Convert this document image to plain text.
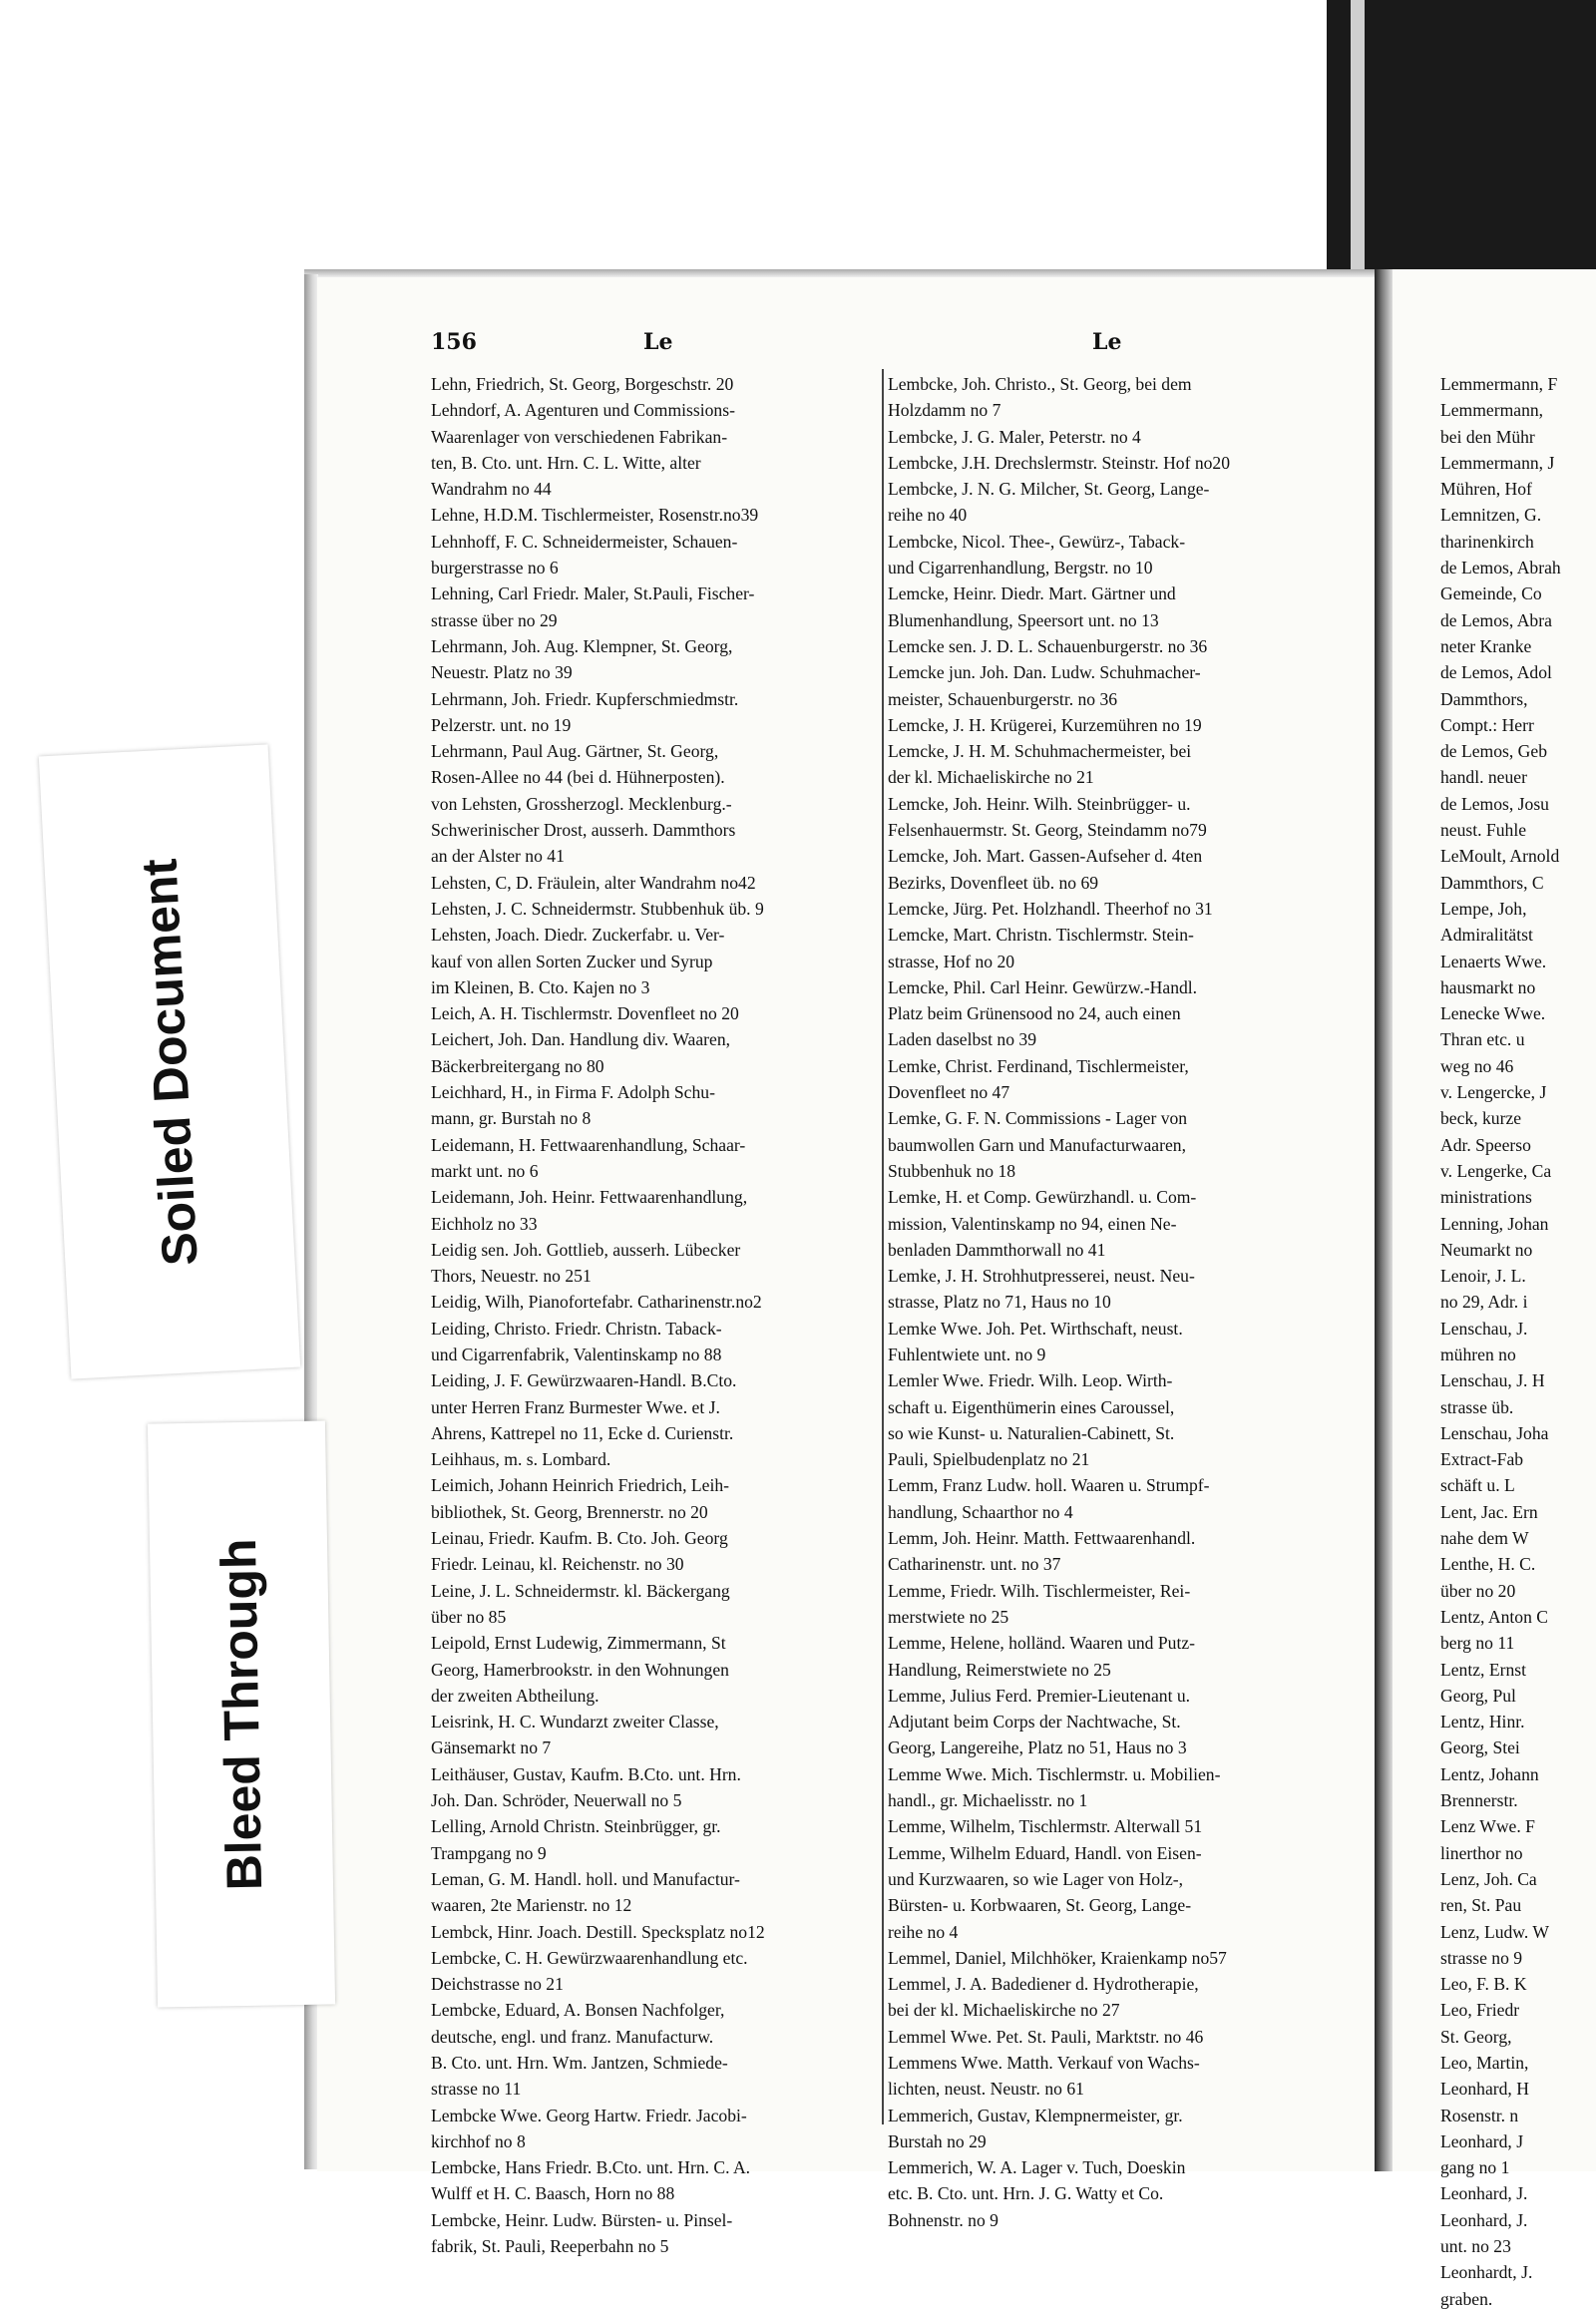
156	Le	Le
Lehn, Friedrich, St. Georg, Borgeschstr. 20
Lehndorf, A. Agenturen und Commissions-
Waarenlager von verschiedenen Fabrikan-
ten, B. Cto. unt. Hrn. C. L. Witte, alter
Wandrahm no 44
Lehne, H.D.M. Tischlermeister, Rosenstr.no39
Lehnhoff, F. C. Schneidermeister, Schauen-
burgerstrasse no 6
Lehning, Carl Friedr. Maler, St.Pauli, Fischer-
strasse über no 29
Lehrmann, Joh. Aug. Klempner, St. Georg,
Neuestr. Platz no 39
Lehrmann, Joh. Friedr. Kupferschmiedmstr.
Pelzerstr. unt. no 19
Lehrmann, Paul Aug. Gärtner, St. Georg,
Rosen-Allee no 44 (bei d. Hühnerposten).
von Lehsten, Grossherzogl. Mecklenburg.-
Schwerinischer Drost, ausserh. Dammthors
an der Alster no 41
Lehsten, C, D. Fräulein, alter Wandrahm no42
Lehsten, J. C. Schneidermstr. Stubbenhuk üb. 9
Lehsten, Joach. Diedr. Zuckerfabr. u. Ver-
kauf von allen Sorten Zucker und Syrup
im Kleinen, B. Cto. Kajen no 3
Leich, A. H. Tischlermstr. Dovenfleet no 20
Leichert, Joh. Dan. Handlung div. Waaren,
Bäckerbreitergang no 80
Leichhard, H., in Firma F. Adolph Schu-
mann, gr. Burstah no 8
Leidemann, H. Fettwaarenhandlung, Schaar-
markt unt. no 6
Leidemann, Joh. Heinr. Fettwaarenhandlung,
Eichholz no 33
Leidig sen. Joh. Gottlieb, ausserh. Lübecker
Thors, Neuestr. no 251
Leidig, Wilh, Pianofortefabr. Catharinenstr.no2
Leiding, Christo. Friedr. Christn. Taback-
und Cigarrenfabrik, Valentinskamp no 88
Leiding, J. F. Gewürzwaaren-Handl. B.Cto.
unter Herren Franz Burmester Wwe. et J.
Ahrens, Kattrepel no 11, Ecke d. Curienstr.
Leihhaus, m. s. Lombard.
Leimich, Johann Heinrich Friedrich, Leih-
bibliothek, St. Georg, Brennerstr. no 20
Leinau, Friedr. Kaufm. B. Cto. Joh. Georg
Friedr. Leinau, kl. Reichenstr. no 30
Leine, J. L. Schneidermstr. kl. Bäckergang
über no 85
Leipold, Ernst Ludewig, Zimmermann, St
Georg, Hamerbrookstr. in den Wohnungen
der zweiten Abtheilung.
Leisrink, H. C. Wundarzt zweiter Classe,
Gänsemarkt no 7
Leithäuser, Gustav, Kaufm. B.Cto. unt. Hrn.
Joh. Dan. Schröder, Neuerwall no 5
Lelling, Arnold Christn. Steinbrügger, gr.
Trampgang no 9
Leman, G. M. Handl. holl. und Manufactur-
waaren, 2te Marienstr. no 12
Lembck, Hinr. Joach. Destill. Specksplatz no12
Lembcke, C. H. Gewürzwaarenhandlung etc.
Deichstrasse no 21
Lembcke, Eduard, A. Bonsen Nachfolger,
deutsche, engl. und franz. Manufacturw.
B. Cto. unt. Hrn. Wm. Jantzen, Schmiede-
strasse no 11
Lembcke Wwe. Georg Hartw. Friedr. Jacobi-
kirchhof no 8
Lembcke, Hans Friedr. B.Cto. unt. Hrn. C. A.
Wulff et H. C. Baasch, Horn no 88
Lembcke, Heinr. Ludw. Bürsten- u. Pinsel-
fabrik, St. Pauli, Reeperbahn no 5
Lembcke, Joh. Christo., St. Georg, bei dem
Holzdamm no 7
Lembcke, J. G. Maler, Peterstr. no 4
Lembcke, J.H. Drechslermstr. Steinstr. Hof no20
Lembcke, J. N. G. Milcher, St. Georg, Lange-
reihe no 40
Lembcke, Nicol. Thee-, Gewürz-, Taback-
und Cigarrenhandlung, Bergstr. no 10
Lemcke, Heinr. Diedr. Mart. Gärtner und
Blumenhandlung, Speersort unt. no 13
Lemcke sen. J. D. L. Schauenburgerstr. no 36
Lemcke jun. Joh. Dan. Ludw. Schuhmacher-
meister, Schauenburgerstr. no 36
Lemcke, J. H. Krügerei, Kurzemühren no 19
Lemcke, J. H. M. Schuhmachermeister, bei
der kl. Michaeliskirche no 21
Lemcke, Joh. Heinr. Wilh. Steinbrügger- u.
Felsenhauermstr. St. Georg, Steindamm no79
Lemcke, Joh. Mart. Gassen-Aufseher d. 4ten
Bezirks, Dovenfleet üb. no 69
Lemcke, Jürg. Pet. Holzhandl. Theerhof no 31
Lemcke, Mart. Christn. Tischlermstr. Stein-
strasse, Hof no 20
Lemcke, Phil. Carl Heinr. Gewürzw.-Handl.
Platz beim Grünensood no 24, auch einen
Laden daselbst no 39
Lemke, Christ. Ferdinand, Tischlermeister,
Dovenfleet no 47
Lemke, G. F. N. Commissions - Lager von
baumwollen Garn und Manufacturwaaren,
Stubbenhuk no 18
Lemke, H. et Comp. Gewürzhandl. u. Com-
mission, Valentinskamp no 94, einen Ne-
benladen Dammthorwall no 41
Lemke, J. H. Strohhutpresserei, neust. Neu-
strasse, Platz no 71, Haus no 10
Lemke Wwe. Joh. Pet. Wirthschaft, neust.
Fuhlentwiete unt. no 9
Lemler Wwe. Friedr. Wilh. Leop. Wirth-
schaft u. Eigenthümerin eines Caroussel,
so wie Kunst- u. Naturalien-Cabinett, St.
Pauli, Spielbudenplatz no 21
Lemm, Franz Ludw. holl. Waaren u. Strumpf-
handlung, Schaarthor no 4
Lemm, Joh. Heinr. Matth. Fettwaarenhandl.
Catharinenstr. unt. no 37
Lemme, Friedr. Wilh. Tischlermeister, Rei-
merstwiete no 25
Lemme, Helene, holländ. Waaren und Putz-
Handlung, Reimerstwiete no 25
Lemme, Julius Ferd. Premier-Lieutenant u.
Adjutant beim Corps der Nachtwache, St.
Georg, Langereihe, Platz no 51, Haus no 3
Lemme Wwe. Mich. Tischlermstr. u. Mobilien-
handl., gr. Michaelisstr. no 1
Lemme, Wilhelm, Tischlermstr. Alterwall 51
Lemme, Wilhelm Eduard, Handl. von Eisen-
und Kurzwaaren, so wie Lager von Holz-,
Bürsten- u. Korbwaaren, St. Georg, Lange-
reihe no 4
Lemmel, Daniel, Milchhöker, Kraienkamp no57
Lemmel, J. A. Badediener d. Hydrotherapie,
bei der kl. Michaeliskirche no 27
Lemmel Wwe. Pet. St. Pauli, Marktstr. no 46
Lemmens Wwe. Matth. Verkauf von Wachs-
lichten, neust. Neustr. no 61
Lemmerich, Gustav, Klempnermeister, gr.
Burstah no 29
Lemmerich, W. A. Lager v. Tuch, Doeskin
etc. B. Cto. unt. Hrn. J. G. Watty et Co.
Bohnenstr. no 9
Lemmermann, F
Lemmermann,
bei den Mühr
Lemmermann, J
Mühren, Hof
Lemnitzen, G.
tharinenkirch
de Lemos, Abrah
Gemeinde, Co
de Lemos, Abra
neter Kranke
de Lemos, Adol
Dammthors,
Compt.: Herr
de Lemos, Geb
handl. neuer
de Lemos, Josu
neust. Fuhle
LeMoult, Arnold
Dammthors, C
Lempe, Joh,
Admiralitätst
Lenaerts Wwe.
hausmarkt no
Lenecke Wwe.
Thran etc. u
weg no 46
v. Lengercke, J
beck, kurze
Adr. Speerso
v. Lengerke, Ca
ministrations
Lenning, Johan
Neumarkt no
Lenoir, J. L.
no 29, Adr. i
Lenschau, J.
mühren no
Lenschau, J. H
strasse üb.
Lenschau, Joha
Extract-Fab
schäft u. L
Lent, Jac. Ern
nahe dem W
Lenthe, H. C.
über no 20
Lentz, Anton C
berg no 11
Lentz, Ernst
Georg, Pul
Lentz, Hinr.
Georg, Stei
Lentz, Johann
Brennerstr.
Lenz Wwe. F
linerthor no
Lenz, Joh. Ca
ren, St. Pau
Lenz, Ludw. W
strasse no 9
Leo, F. B. K
Leo, Friedr
St. Georg,
Leo, Martin,
Leonhard, H
Rosenstr. n
Leonhard, J
gang no 1
Leonhard, J.
Leonhard, J.
unt. no 23
Leonhardt, J.
graben.
Soiled Document
Bleed Through
